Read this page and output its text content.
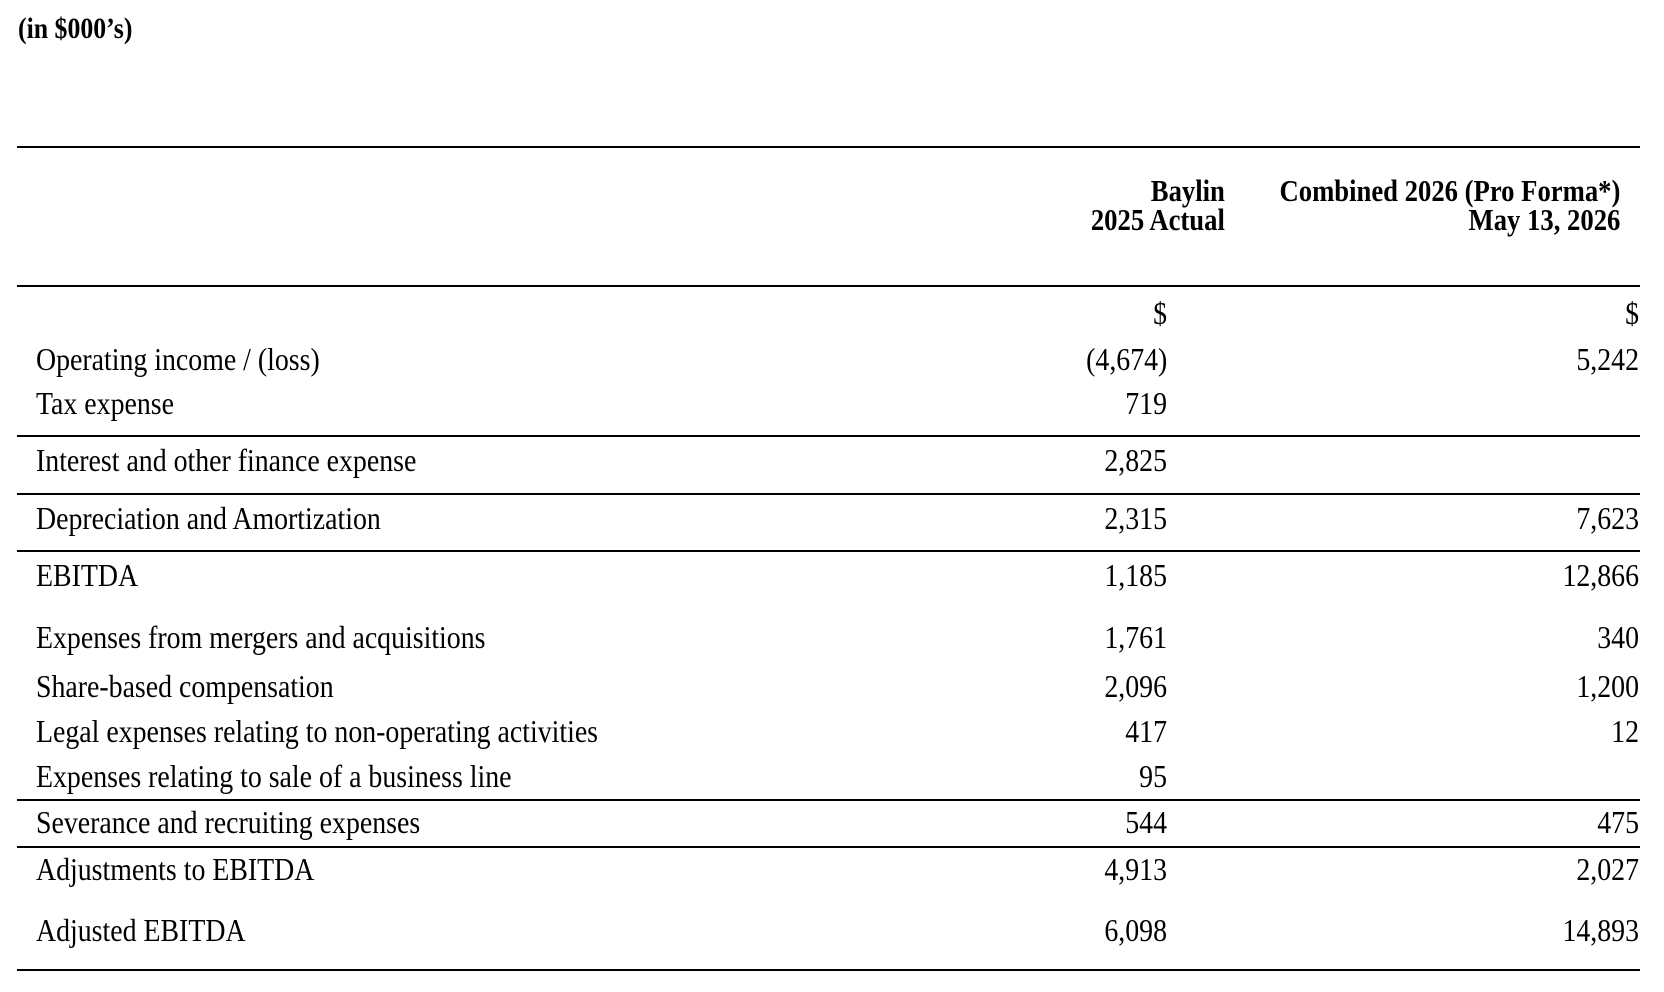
(in $000’s)
Baylin
2025 Actual
Combined 2026 (Pro Forma*)
May 13, 2026
$	$
Operating income / (loss)	(4,674)	5,242
Tax expense	719
Interest and other finance expense	2,825
Depreciation and Amortization	2,315	7,623
EBITDA	1,185	12,866
Expenses from mergers and acquisitions	1,761	340
Share-based compensation	2,096	1,200
Legal expenses relating to non-operating activities	417	12
Expenses relating to sale of a business line	95
Severance and recruiting expenses	544	475
Adjustments to EBITDA	4,913	2,027
Adjusted EBITDA	6,098	14,893
